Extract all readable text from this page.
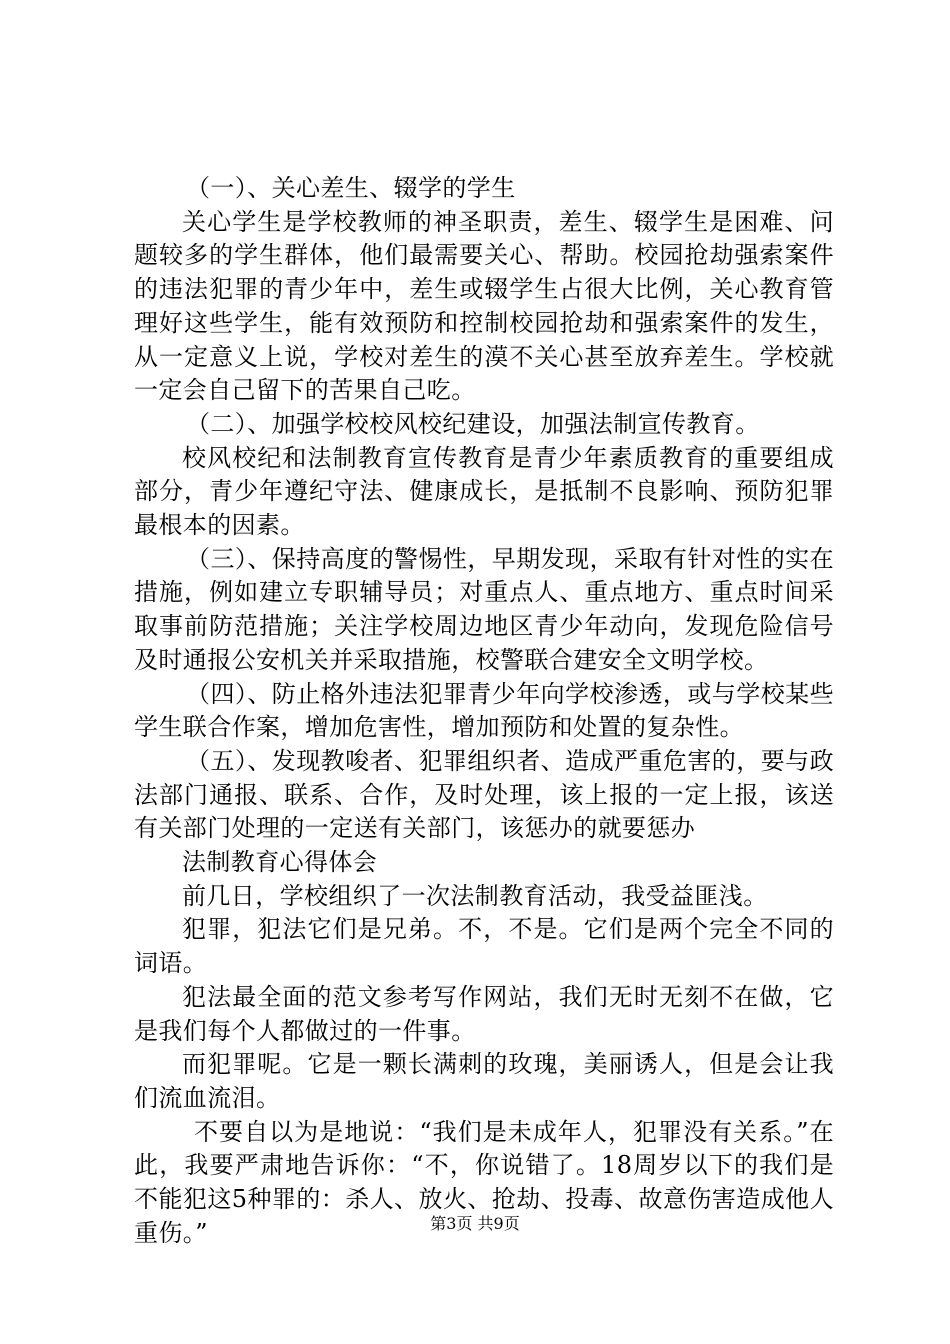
（一）、关心差生、辍学的学生

关心学生是学校教师的神圣职责，差生、辍学生是困难、问题较多的学生群体，他们最需要关心、帮助。校园抢劫强索案件的违法犯罪的青少年中，差生或辍学生占很大比例，关心教育管理好这些学生，能有效预防和控制校园抢劫和强索案件的发生，从一定意义上说，学校对差生的漠不关心甚至放弃差生。学校就一定会自己留下的苦果自己吃。

（二）、加强学校校风校纪建设，加强法制宣传教育。

校风校纪和法制教育宣传教育是青少年素质教育的重要组成部分，青少年遵纪守法、健康成长，是抵制不良影响、预防犯罪最根本的因素。

（三）、保持高度的警惕性，早期发现，采取有针对性的实在措施，例如建立专职辅导员；对重点人、重点地方、重点时间采取事前防范措施；关注学校周边地区青少年动向，发现危险信号及时通报公安机关并采取措施，校警联合建安全文明学校。

（四）、防止格外违法犯罪青少年向学校渗透，或与学校某些学生联合作案，增加危害性，增加预防和处置的复杂性。

（五）、发现教唆者、犯罪组织者、造成严重危害的，要与政法部门通报、联系、合作，及时处理，该上报的一定上报，该送有关部门处理的一定送有关部门，该惩办的就要惩办

法制教育心得体会

前几日，学校组织了一次法制教育活动，我受益匪浅。

犯罪，犯法它们是兄弟。不，不是。它们是两个完全不同的词语。

犯法最全面的范文参考写作网站，我们无时无刻不在做，它是我们每个人都做过的一件事。

而犯罪呢。它是一颗长满刺的玫瑰，美丽诱人，但是会让我们流血流泪。

不要自以为是地说：“我们是未成年人，犯罪没有关系。”在此，我要严肃地告诉你：“不，你说错了。18周岁以下的我们是不能犯这5种罪的：杀人、放火、抢劫、投毒、故意伤害造成他人重伤。”	第3页 共9页
